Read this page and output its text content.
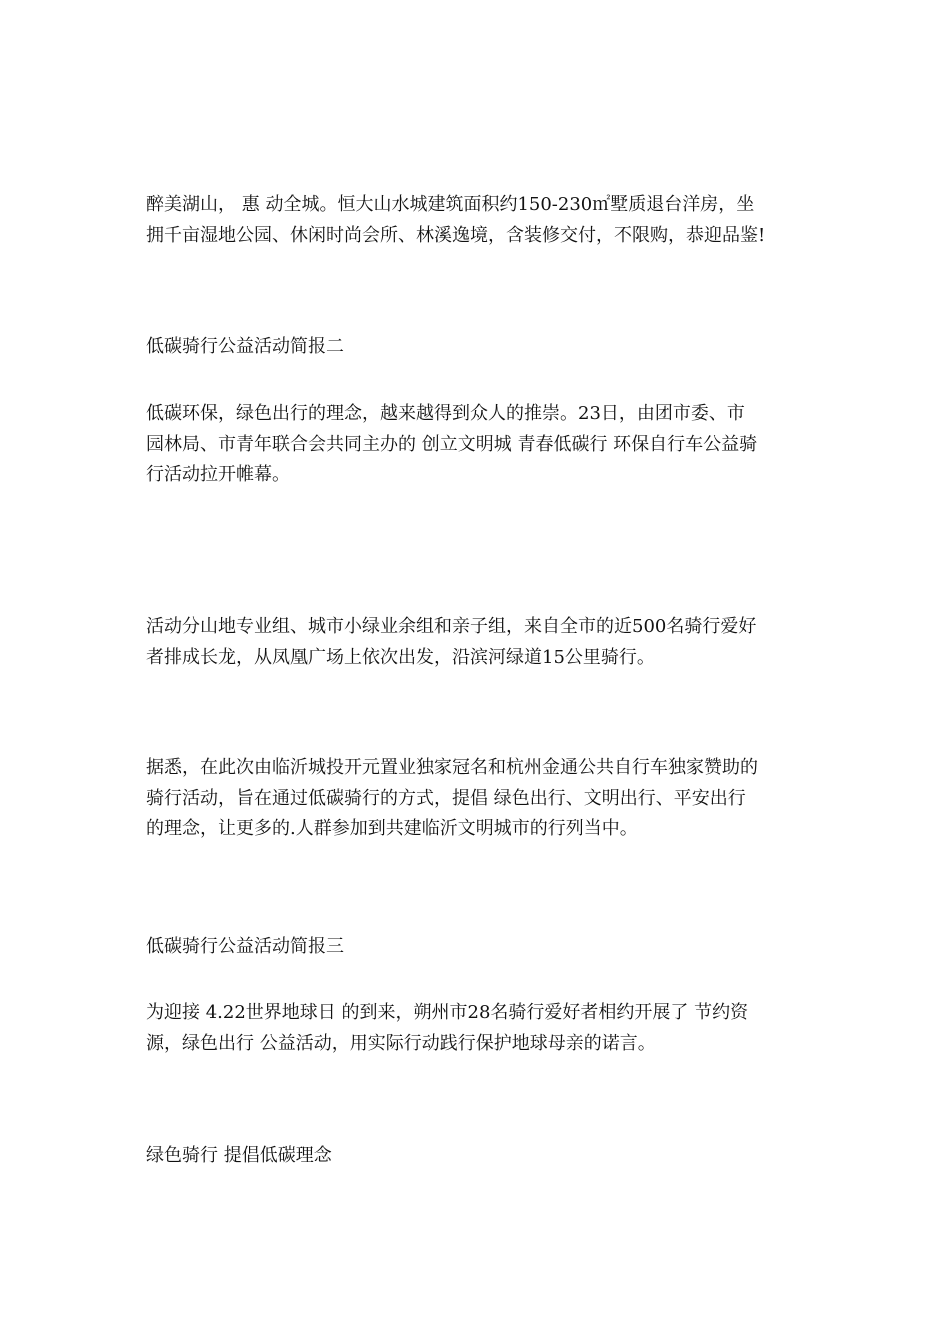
醉美湖山， 惠 动全城。恒大山水城建筑面积约150-230㎡墅质退台洋房，坐
拥千亩湿地公园、休闲时尚会所、林溪逸境，含装修交付，不限购，恭迎品鉴!

低碳骑行公益活动简报二

低碳环保，绿色出行的理念，越来越得到众人的推崇。23日，由团市委、市
园林局、市青年联合会共同主办的 创立文明城 青春低碳行 环保自行车公益骑
行活动拉开帷幕。

活动分山地专业组、城市小绿业余组和亲子组，来自全市的近500名骑行爱好
者排成长龙，从凤凰广场上依次出发，沿滨河绿道15公里骑行。

据悉，在此次由临沂城投开元置业独家冠名和杭州金通公共自行车独家赞助的
骑行活动，旨在通过低碳骑行的方式，提倡 绿色出行、文明出行、平安出行
的理念，让更多的.人群参加到共建临沂文明城市的行列当中。

低碳骑行公益活动简报三

为迎接 4.22世界地球日 的到来，朔州市28名骑行爱好者相约开展了 节约资
源，绿色出行 公益活动，用实际行动践行保护地球母亲的诺言。

绿色骑行 提倡低碳理念
